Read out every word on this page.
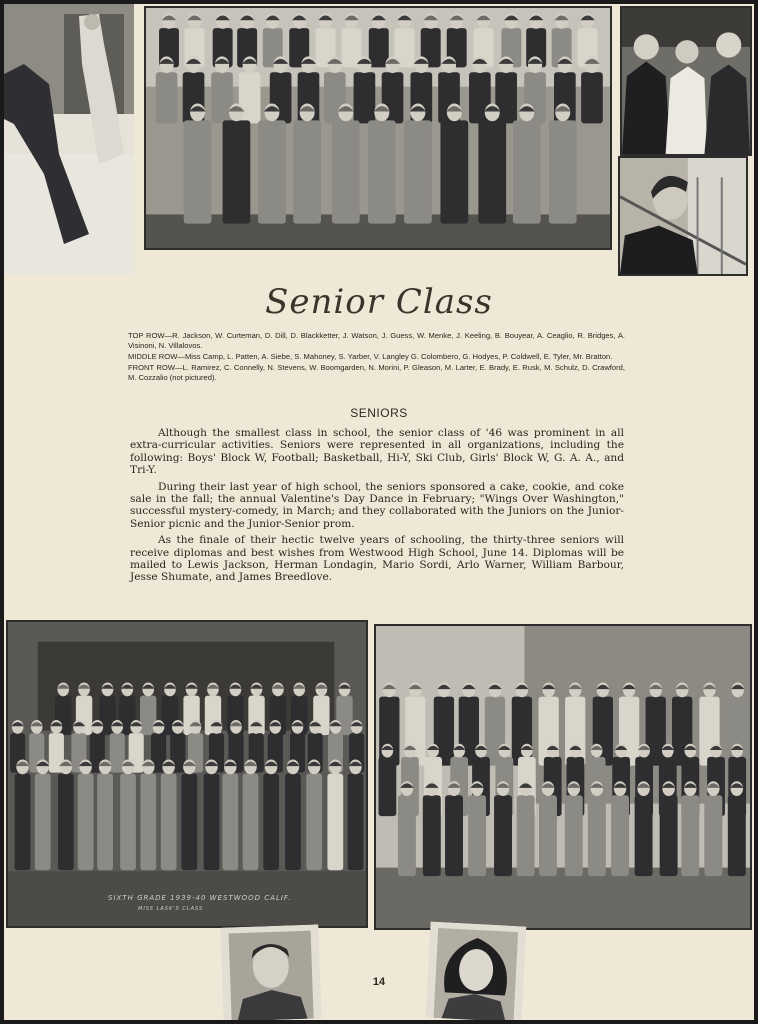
Senior Class

TOP ROW—R. Jackson, W. Curteman, D. Dill, D. Blackketter, J. Watson, J. Guess, W. Menke, J. Keeling, B. Bouyear, A. Ceaglio, R. Bridges, A. Visinoni, N. Villalovos.

MIDDLE ROW—Miss Camp, L. Patten, A. Siebe, S. Mahoney, S. Yarber, V. Langley G. Colombero, G. Hodyes, P. Coldwell, E. Tyler, Mr. Bratton.

FRONT ROW—L. Ramirez, C. Connelly, N. Stevens, W. Boomgarden, N. Morini, P. Gleason, M. Larter, E. Brady, E. Rusk, M. Schulz, D. Crawford, M. Cozzalio (not pictured).

SENIORS

Although the smallest class in school, the senior class of '46 was prominent in all extra-curricular activities. Seniors were represented in all organizations, including the following: Boys' Block W, Football; Basketball, Hi-Y, Ski Club, Girls' Block W, G. A. A., and Tri-Y.

During their last year of high school, the seniors sponsored a cake, cookie, and coke sale in the fall; the annual Valentine's Day Dance in February; "Wings Over Washington," successful mystery-comedy, in March; and they collaborated with the Juniors on the Junior-Senior picnic and the Junior-Senior prom.

As the finale of their hectic twelve years of schooling, the thirty-three seniors will receive diplomas and best wishes from Westwood High School, June 14. Diplomas will be mailed to Lewis Jackson, Herman Londagin, Mario Sordi, Arlo Warner, William Barbour, Jesse Shumate, and James Breedlove.

SIXTH GRADE 1939-40 WESTWOOD CALIF.
MISS LASK'S CLASS
14
